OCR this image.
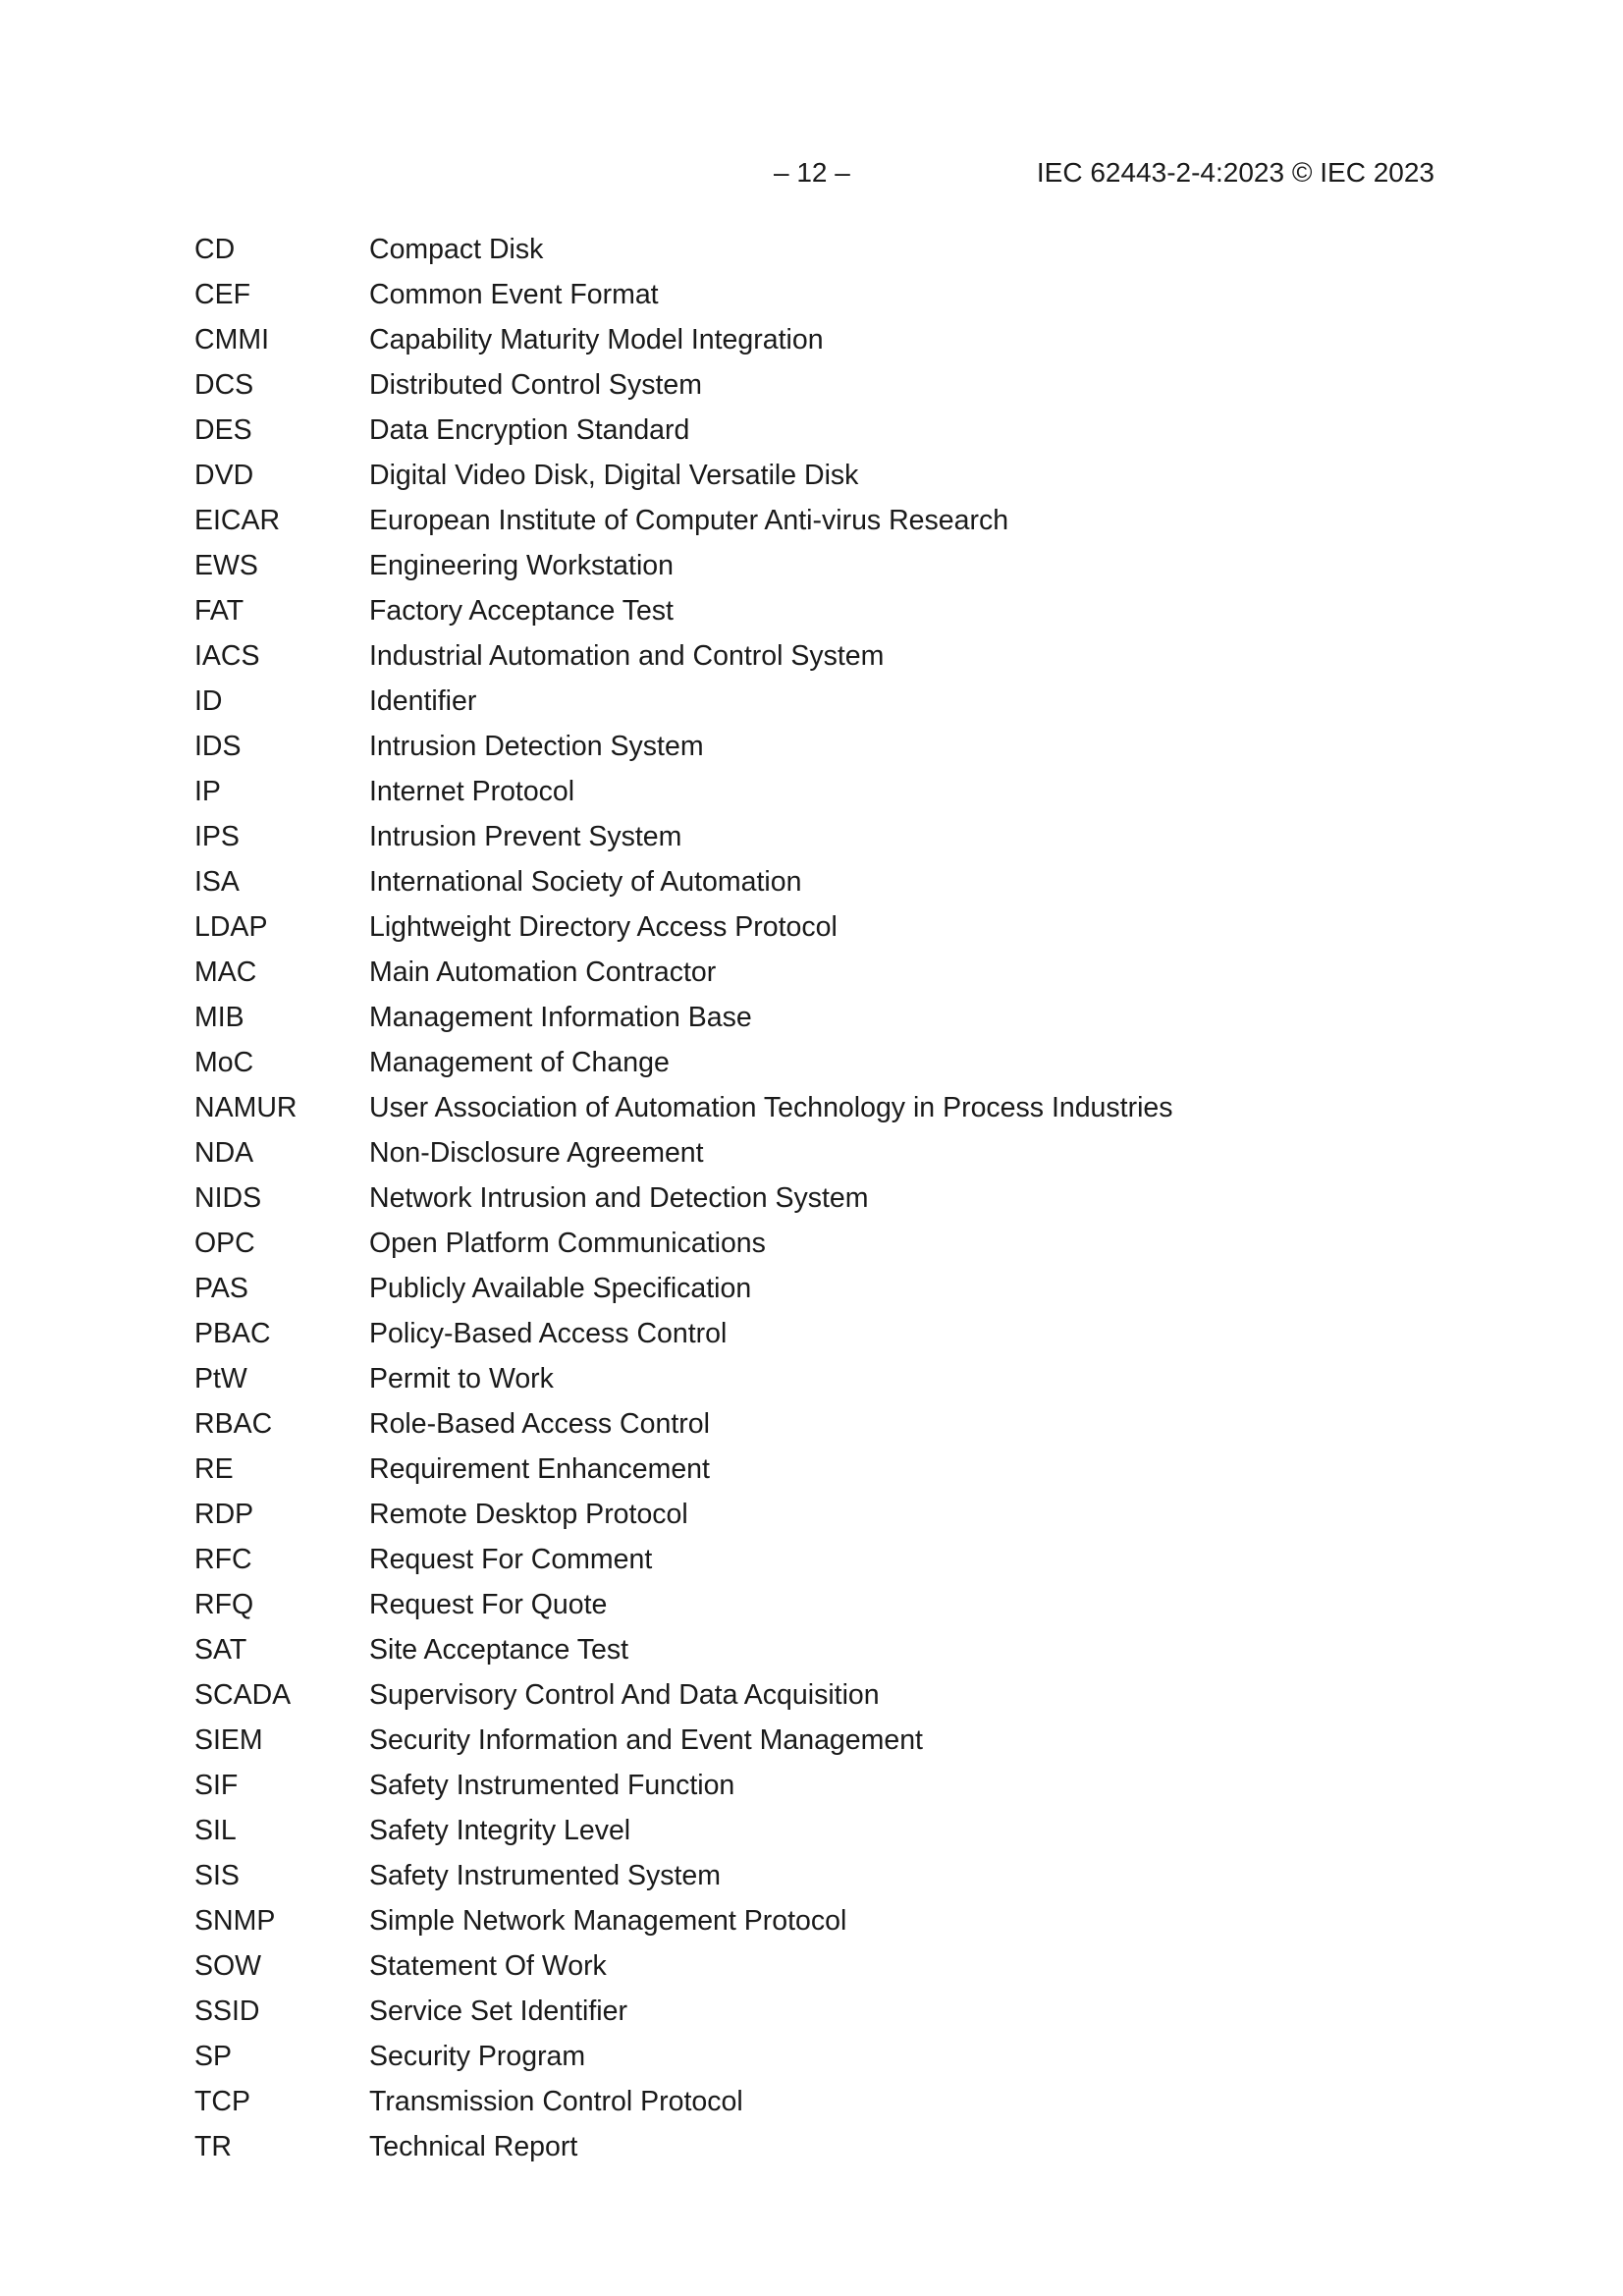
– 12 –	IEC 62443-2-4:2023 © IEC 2023
CD	Compact Disk
CEF	Common Event Format
CMMI	Capability Maturity Model Integration
DCS	Distributed Control System
DES	Data Encryption Standard
DVD	Digital Video Disk, Digital Versatile Disk
EICAR	European Institute of Computer Anti-virus Research
EWS	Engineering Workstation
FAT	Factory Acceptance Test
IACS	Industrial Automation and Control System
ID	Identifier
IDS	Intrusion Detection System
IP	Internet Protocol
IPS	Intrusion Prevent System
ISA	International Society of Automation
LDAP	Lightweight Directory Access Protocol
MAC	Main Automation Contractor
MIB	Management Information Base
MoC	Management of Change
NAMUR	User Association of Automation Technology in Process Industries
NDA	Non-Disclosure Agreement
NIDS	Network Intrusion and Detection System
OPC	Open Platform Communications
PAS	Publicly Available Specification
PBAC	Policy-Based Access Control
PtW	Permit to Work
RBAC	Role-Based Access Control
RE	Requirement Enhancement
RDP	Remote Desktop Protocol
RFC	Request For Comment
RFQ	Request For Quote
SAT	Site Acceptance Test
SCADA	Supervisory Control And Data Acquisition
SIEM	Security Information and Event Management
SIF	Safety Instrumented Function
SIL	Safety Integrity Level
SIS	Safety Instrumented System
SNMP	Simple Network Management Protocol
SOW	Statement Of Work
SSID	Service Set Identifier
SP	Security Program
TCP	Transmission Control Protocol
TR	Technical Report
